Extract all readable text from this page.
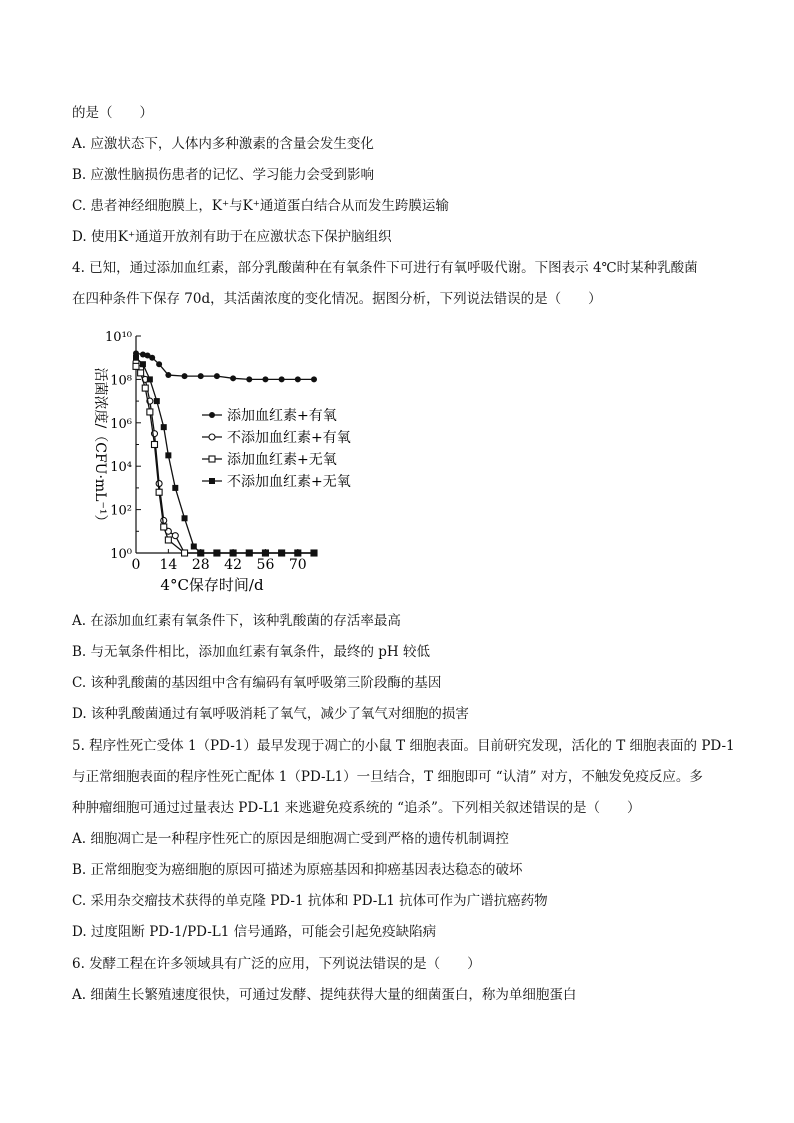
的是（　　）
A. 应激状态下，人体内多种激素的含量会发生变化
B. 应激性脑损伤患者的记忆、学习能力会受到影响
C. 患者神经细胞膜上，K⁺与K⁺通道蛋白结合从而发生跨膜运输
D. 使用K⁺通道开放剂有助于在应激状态下保护脑组织
4. 已知，通过添加血红素，部分乳酸菌种在有氧条件下可进行有氧呼吸代谢。下图表示 4℃时某种乳酸菌
在四种条件下保存 70d，其活菌浓度的变化情况。据图分析，下列说法错误的是（　　）
0 14 28 42 56 70
10⁰
10²
10⁴
10⁶
10⁸
10¹⁰
添加血红素+有氧
不添加血红素+有氧
添加血红素+无氧
不添加血红素+无氧
4°C保存时间/d
活菌浓度/（CFU·mL⁻¹）
A. 在添加血红素有氧条件下，该种乳酸菌的存活率最高
B. 与无氧条件相比，添加血红素有氧条件，最终的 pH 较低
C. 该种乳酸菌的基因组中含有编码有氧呼吸第三阶段酶的基因
D. 该种乳酸菌通过有氧呼吸消耗了氧气，减少了氧气对细胞的损害
5. 程序性死亡受体 1（PD-1）最早发现于凋亡的小鼠 T 细胞表面。目前研究发现，活化的 T 细胞表面的 PD-1
与正常细胞表面的程序性死亡配体 1（PD-L1）一旦结合，T 细胞即可 “认清” 对方，不触发免疫反应。多
种肿瘤细胞可通过过量表达 PD-L1 来逃避免疫系统的 “追杀”。下列相关叙述错误的是（　　）
A. 细胞凋亡是一种程序性死亡的原因是细胞凋亡受到严格的遗传机制调控
B. 正常细胞变为癌细胞的原因可描述为原癌基因和抑癌基因表达稳态的破坏
C. 采用杂交瘤技术获得的单克隆 PD-1 抗体和 PD-L1 抗体可作为广谱抗癌药物
D. 过度阻断 PD-1/PD-L1 信号通路，可能会引起免疫缺陷病
6. 发酵工程在许多领域具有广泛的应用，下列说法错误的是（　　）
A. 细菌生长繁殖速度很快，可通过发酵、提纯获得大量的细菌蛋白，称为单细胞蛋白
